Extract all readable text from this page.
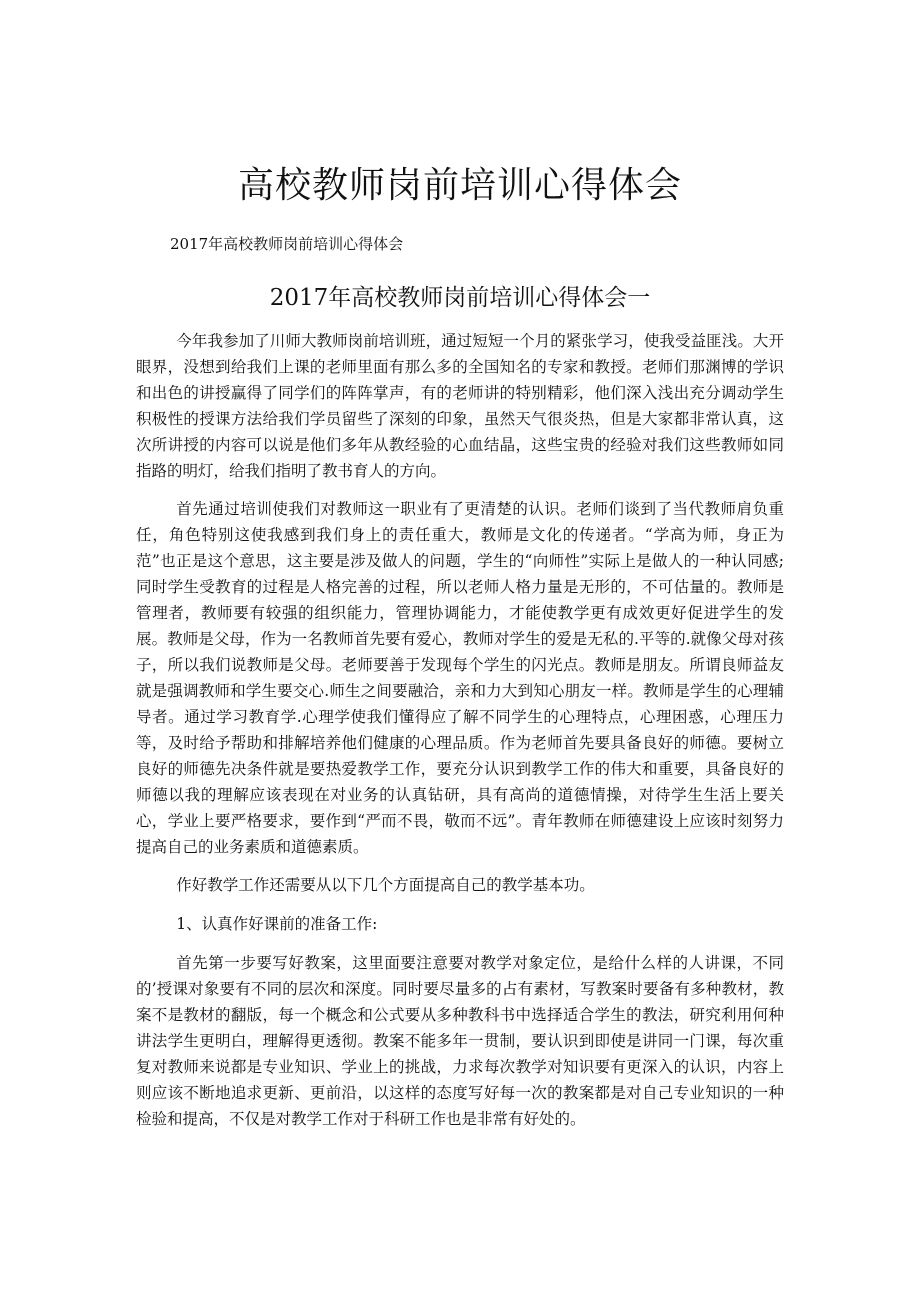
高校教师岗前培训心得体会
2017年高校教师岗前培训心得体会
2017年高校教师岗前培训心得体会一

今年我参加了川师大教师岗前培训班，通过短短一个月的紧张学习，使我受益匪浅。大开眼界，没想到给我们上课的老师里面有那么多的全国知名的专家和教授。老师们那渊博的学识和出色的讲授赢得了同学们的阵阵掌声，有的老师讲的特别精彩，他们深入浅出充分调动学生积极性的授课方法给我们学员留些了深刻的印象，虽然天气很炎热，但是大家都非常认真，这次所讲授的内容可以说是他们多年从教经验的心血结晶，这些宝贵的经验对我们这些教师如同指路的明灯，给我们指明了教书育人的方向。

首先通过培训使我们对教师这一职业有了更清楚的认识。老师们谈到了当代教师肩负重任，角色特别这使我感到我们身上的责任重大，教师是文化的传递者。“学高为师，身正为范”也正是这个意思，这主要是涉及做人的问题，学生的“向师性”实际上是做人的一种认同感;同时学生受教育的过程是人格完善的过程，所以老师人格力量是无形的，不可估量的。教师是管理者，教师要有较强的组织能力，管理协调能力，才能使教学更有成效更好促进学生的发展。教师是父母，作为一名教师首先要有爱心，教师对学生的爱是无私的.平等的.就像父母对孩子，所以我们说教师是父母。老师要善于发现每个学生的闪光点。教师是朋友。所谓良师益友就是强调教师和学生要交心.师生之间要融洽，亲和力大到知心朋友一样。教师是学生的心理辅导者。通过学习教育学.心理学使我们懂得应了解不同学生的心理特点，心理困惑，心理压力等，及时给予帮助和排解培养他们健康的心理品质。作为老师首先要具备良好的师德。要树立良好的师德先决条件就是要热爱教学工作，要充分认识到教学工作的伟大和重要，具备良好的师德以我的理解应该表现在对业务的认真钻研，具有高尚的道德情操，对待学生生活上要关心，学业上要严格要求，要作到“严而不畏，敬而不远”。青年教师在师德建设上应该时刻努力提高自己的业务素质和道德素质。

作好教学工作还需要从以下几个方面提高自己的教学基本功。

1、认真作好课前的准备工作:

首先第一步要写好教案，这里面要注意要对教学对象定位，是给什么样的人讲课，不同的’授课对象要有不同的层次和深度。同时要尽量多的占有素材，写教案时要备有多种教材，教案不是教材的翻版，每一个概念和公式要从多种教科书中选择适合学生的教法，研究利用何种讲法学生更明白，理解得更透彻。教案不能多年一贯制，要认识到即使是讲同一门课，每次重复对教师来说都是专业知识、学业上的挑战，力求每次教学对知识要有更深入的认识，内容上则应该不断地追求更新、更前沿，以这样的态度写好每一次的教案都是对自己专业知识的一种检验和提高，不仅是对教学工作对于科研工作也是非常有好处的。
